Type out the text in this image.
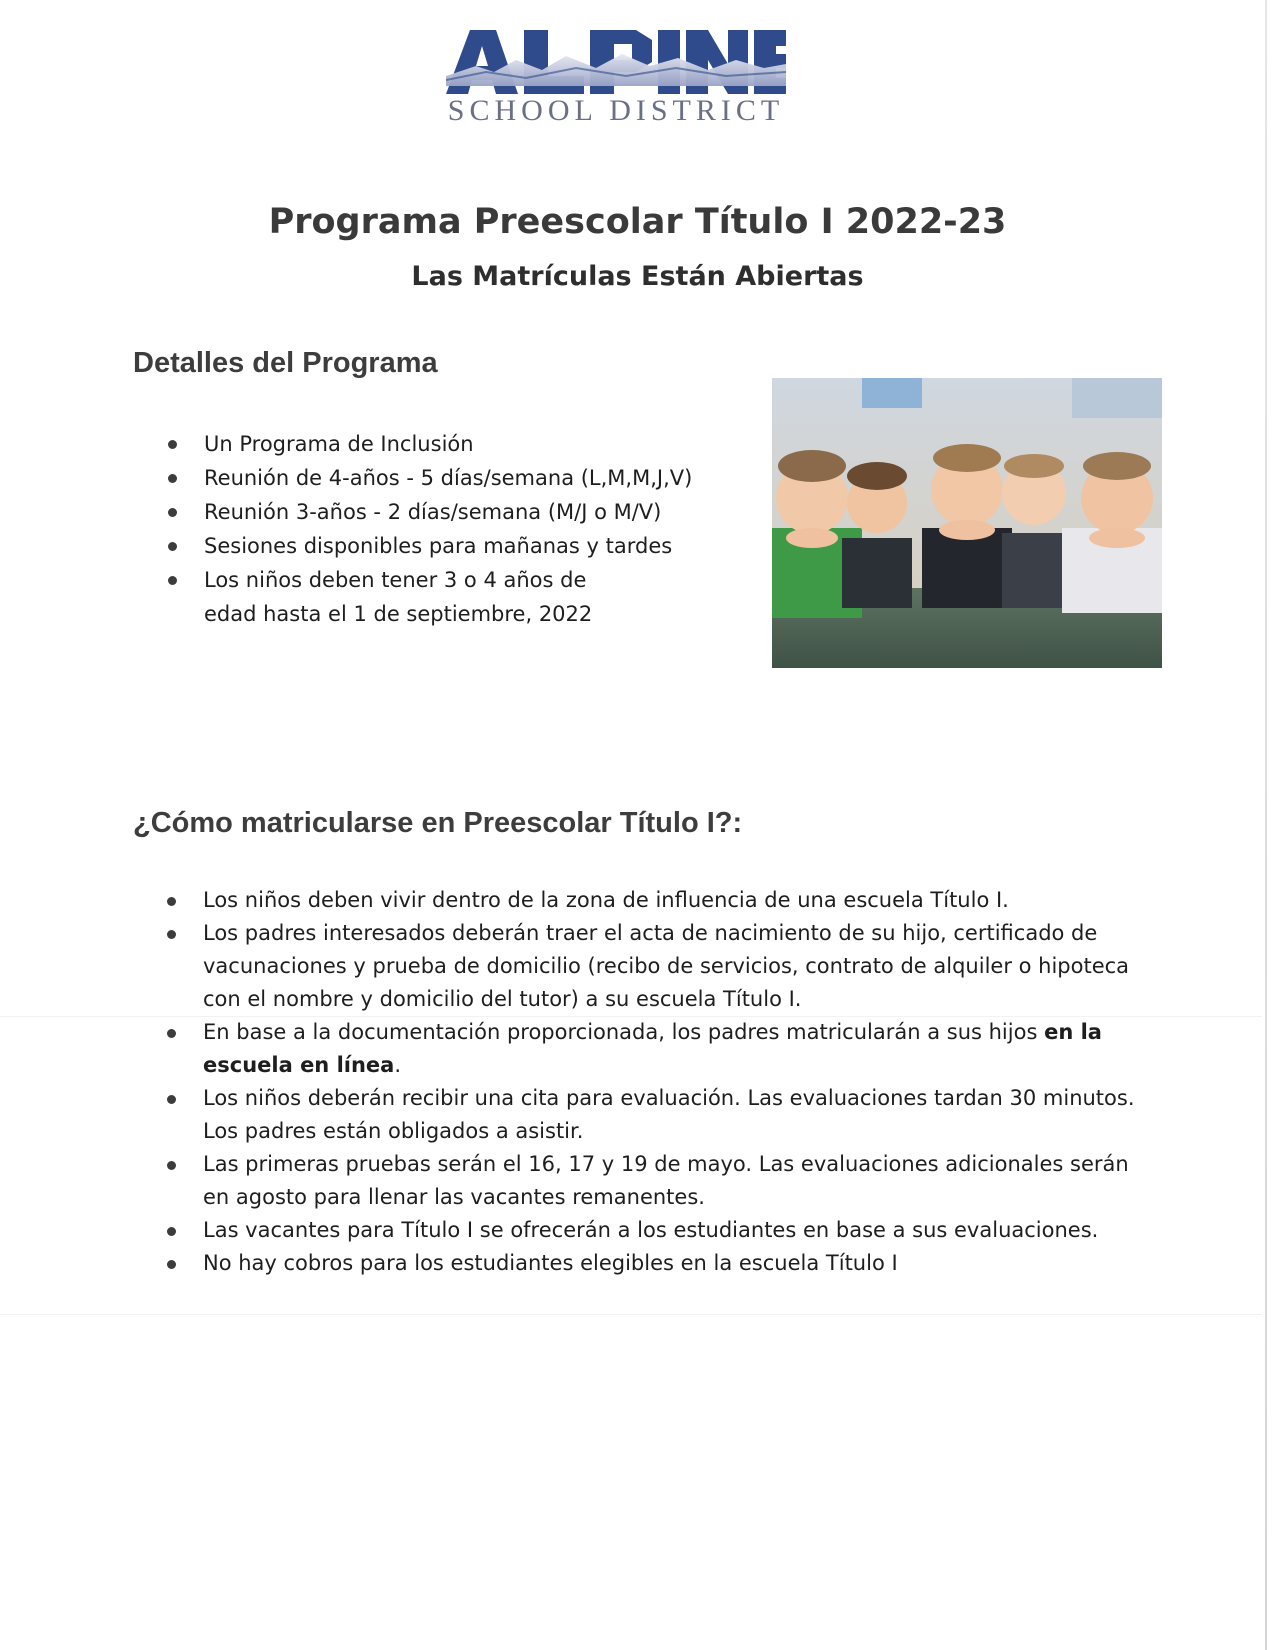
SCHOOL DISTRICT
Programa Preescolar Título I 2022-23
Las Matrículas Están Abiertas
Detalles del Programa
Un Programa de Inclusión
Reunión de 4-años - 5 días/semana (L,M,M,J,V)
Reunión 3-años - 2 días/semana (M/J o M/V)
Sesiones disponibles para mañanas y tardes
Los niños deben tener 3 o 4 años de edad hasta el 1 de septiembre, 2022
¿Cómo matricularse en Preescolar Título I?:
Los niños deben vivir dentro de la zona de influencia de una escuela Título I.
Los padres interesados deberán traer el acta de nacimiento de su hijo, certificado de vacunaciones y prueba de domicilio (recibo de servicios, contrato de alquiler o hipoteca con el nombre y domicilio del tutor) a su escuela Título I.
En base a la documentación proporcionada, los padres matricularán a sus hijos en la escuela en línea.
Los niños deberán recibir una cita para evaluación. Las evaluaciones tardan 30 minutos. Los padres están obligados a asistir.
Las primeras pruebas serán el 16, 17 y 19 de mayo. Las evaluaciones adicionales serán en agosto para llenar las vacantes remanentes.
Las vacantes para Título I se ofrecerán a los estudiantes en base a sus evaluaciones.
No hay cobros para los estudiantes elegibles en la escuela Título I
